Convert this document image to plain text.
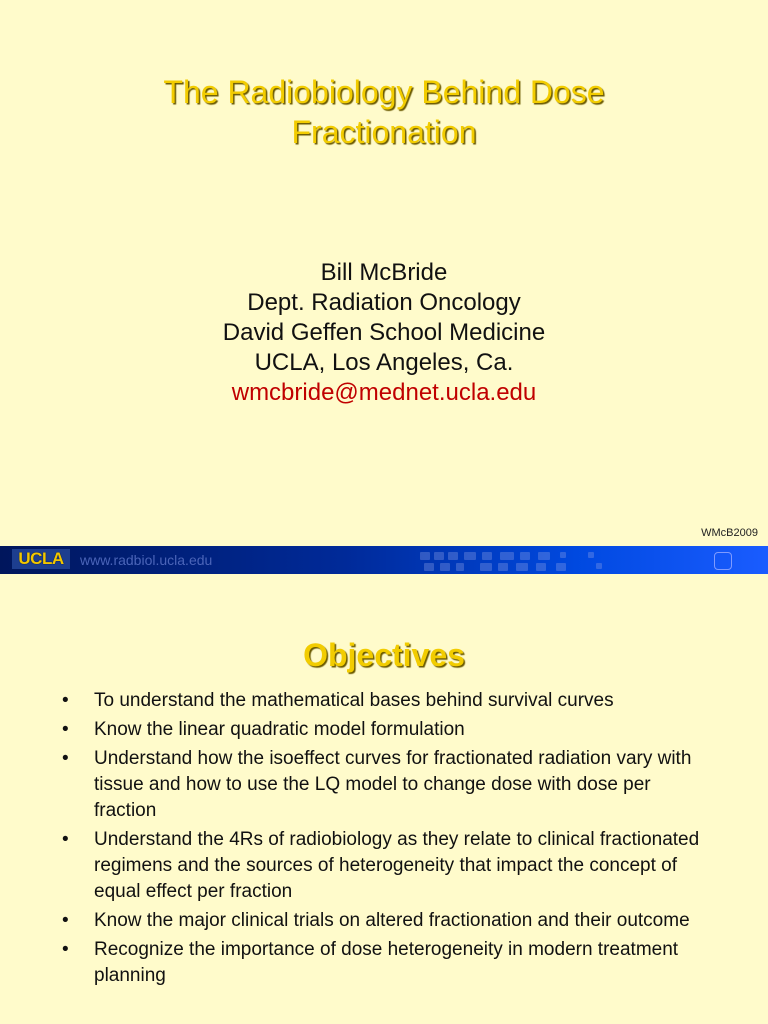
The Radiobiology Behind Dose
Fractionation
Bill McBride
Dept. Radiation Oncology
David Geffen School Medicine
UCLA, Los Angeles, Ca.
wmcbride@mednet.ucla.edu
WMcB2009
UCLA	www.radbiol.ucla.edu
Objectives
• To understand the mathematical bases behind survival curves
• Know the linear quadratic model formulation
• Understand how the isoeffect curves for fractionated radiation vary with tissue and how to use the LQ model to change dose with dose per fraction
• Understand the 4Rs of radiobiology as they relate to clinical fractionated regimens and the sources of heterogeneity that impact the concept of equal effect per fraction
• Know the major clinical trials on altered fractionation and their outcome
• Recognize the importance of dose heterogeneity in modern treatment planning
